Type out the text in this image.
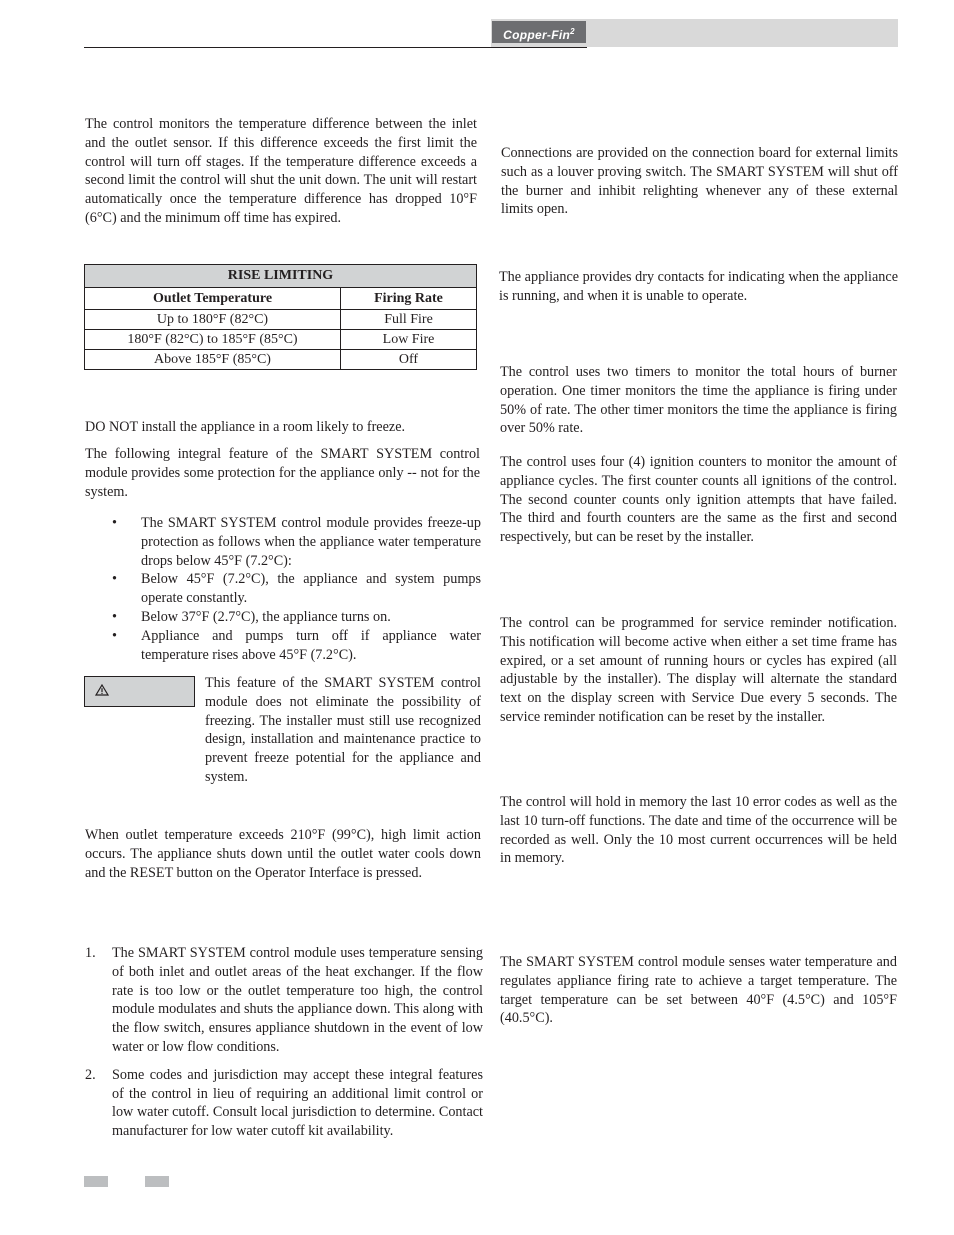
Copper-Fin$^2$

The control monitors the temperature difference between the inlet and the outlet sensor. If this difference exceeds the first limit the control will turn off stages. If the temperature difference exceeds a second limit the control will shut the unit down. The unit will restart automatically once the temperature difference has dropped 10°F (6°C) and the minimum off time has expired.

RISE LIMITING	
Outlet Temperature	Firing Rate
Up to 180°F (82°C)	Full Fire
180°F (82°C) to 185°F (85°C)	Low Fire
Above 185°F (85°C)	Off

DO NOT install the appliance in a room likely to freeze.

The following integral feature of the SMART SYSTEM control module provides some protection for the appliance only -- not for the system.

• The SMART SYSTEM control module provides freeze-up protection as follows when the appliance water temperature drops below 45°F (7.2°C):
• Below 45°F (7.2°C), the appliance and system pumps operate constantly.
• Below 37°F (2.7°C), the appliance turns on.
• Appliance and pumps turn off if appliance water temperature rises above 45°F (7.2°C).

This feature of the SMART SYSTEM control module does not eliminate the possibility of freezing. The installer must still use recognized design, installation and maintenance practice to prevent freeze potential for the appliance and system.

When outlet temperature exceeds 210°F (99°C), high limit action occurs. The appliance shuts down until the outlet water cools down and the RESET button on the Operator Interface is pressed.

1. The SMART SYSTEM control module uses temperature sensing of both inlet and outlet areas of the heat exchanger. If the flow rate is too low or the outlet temperature too high, the control module modulates and shuts the appliance down. This along with the flow switch, ensures appliance shutdown in the event of low water or low flow conditions.
2. Some codes and jurisdiction may accept these integral features of the control in lieu of requiring an additional limit control or low water cutoff. Consult local jurisdiction to determine. Contact manufacturer for low water cutoff kit availability.

Connections are provided on the connection board for external limits such as a louver proving switch. The SMART SYSTEM will shut off the burner and inhibit relighting whenever any of these external limits open.

The appliance provides dry contacts for indicating when the appliance is running, and when it is unable to operate.

The control uses two timers to monitor the total hours of burner operation. One timer monitors the time the appliance is firing under 50% of rate. The other timer monitors the time the appliance is firing over 50% rate.

The control uses four (4) ignition counters to monitor the amount of appliance cycles. The first counter counts all ignitions of the control. The second counter counts only ignition attempts that have failed. The third and fourth counters are the same as the first and second respectively, but can be reset by the installer.

The control can be programmed for service reminder notification. This notification will become active when either a set time frame has expired, or a set amount of running hours or cycles has expired (all adjustable by the installer). The display will alternate the standard text on the display screen with Service Due every 5 seconds. The service reminder notification can be reset by the installer.

The control will hold in memory the last 10 error codes as well as the last 10 turn-off functions. The date and time of the occurrence will be recorded as well. Only the 10 most current occurrences will be held in memory.

The SMART SYSTEM control module senses water temperature and regulates appliance firing rate to achieve a target temperature. The target temperature can be set between 40°F (4.5°C) and 105°F (40.5°C).
